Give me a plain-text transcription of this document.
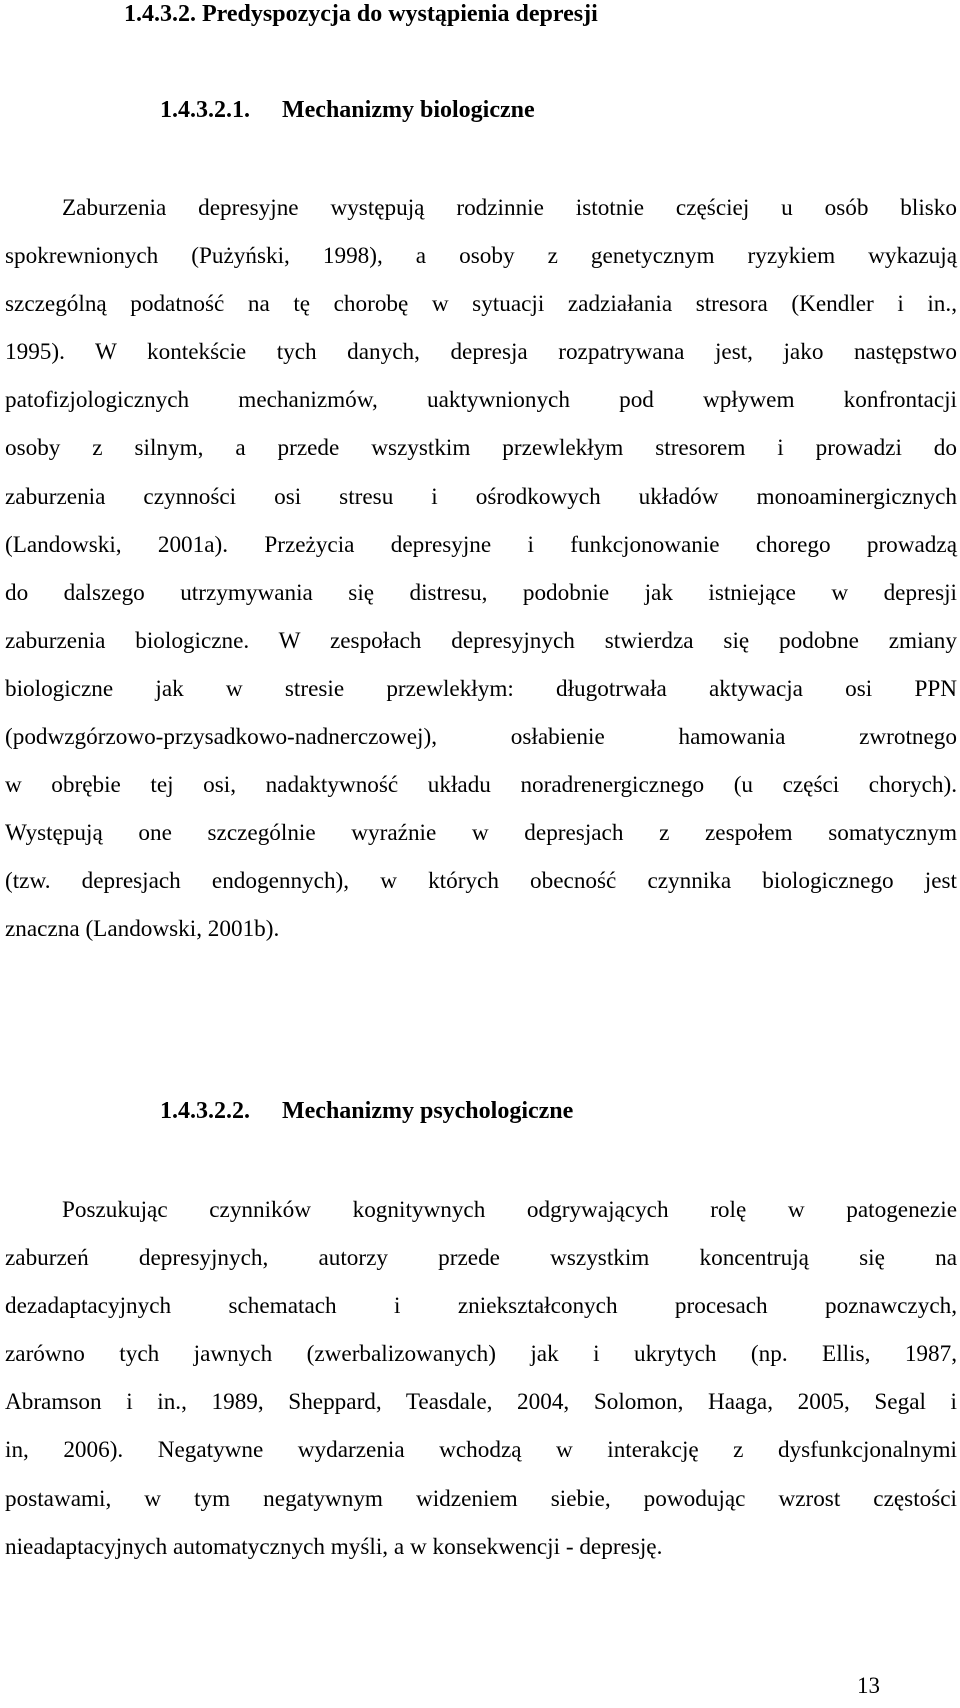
1.4.3.2. Predyspozycja do wystąpienia depresji
1.4.3.2.1. Mechanizmy biologiczne

Zaburzenia depresyjne występują rodzinnie istotnie częściej u osób blisko
spokrewnionych (Pużyński, 1998), a osoby z genetycznym ryzykiem wykazują
szczególną podatność na tę chorobę w sytuacji zadziałania stresora (Kendler i in.,
1995). W kontekście tych danych, depresja rozpatrywana jest, jako następstwo
patofizjologicznych mechanizmów, uaktywnionych pod wpływem konfrontacji
osoby z silnym, a przede wszystkim przewlekłym stresorem i prowadzi do
zaburzenia czynności osi stresu i ośrodkowych układów monoaminergicznych
(Landowski, 2001a). Przeżycia depresyjne i funkcjonowanie chorego prowadzą
do dalszego utrzymywania się distresu, podobnie jak istniejące w depresji
zaburzenia biologiczne. W zespołach depresyjnych stwierdza się podobne zmiany
biologiczne jak w stresie przewlekłym: długotrwała aktywacja osi PPN
(podwzgórzowo-przysadkowo-nadnerczowej), osłabienie hamowania zwrotnego
w obrębie tej osi, nadaktywność układu noradrenergicznego (u części chorych).
Występują one szczególnie wyraźnie w depresjach z zespołem somatycznym
(tzw. depresjach endogennych), w których obecność czynnika biologicznego jest
znaczna (Landowski, 2001b).

1.4.3.2.2. Mechanizmy psychologiczne

Poszukując czynników kognitywnych odgrywających rolę w patogenezie
zaburzeń depresyjnych, autorzy przede wszystkim koncentrują się na
dezadaptacyjnych schematach i zniekształconych procesach poznawczych,
zarówno tych jawnych (zwerbalizowanych) jak i ukrytych (np. Ellis, 1987,
Abramson i in., 1989, Sheppard, Teasdale, 2004, Solomon, Haaga, 2005, Segal i
in, 2006). Negatywne wydarzenia wchodzą w interakcję z dysfunkcjonalnymi
postawami, w tym negatywnym widzeniem siebie, powodując wzrost częstości
nieadaptacyjnych automatycznych myśli, a w konsekwencji - depresję.

13
